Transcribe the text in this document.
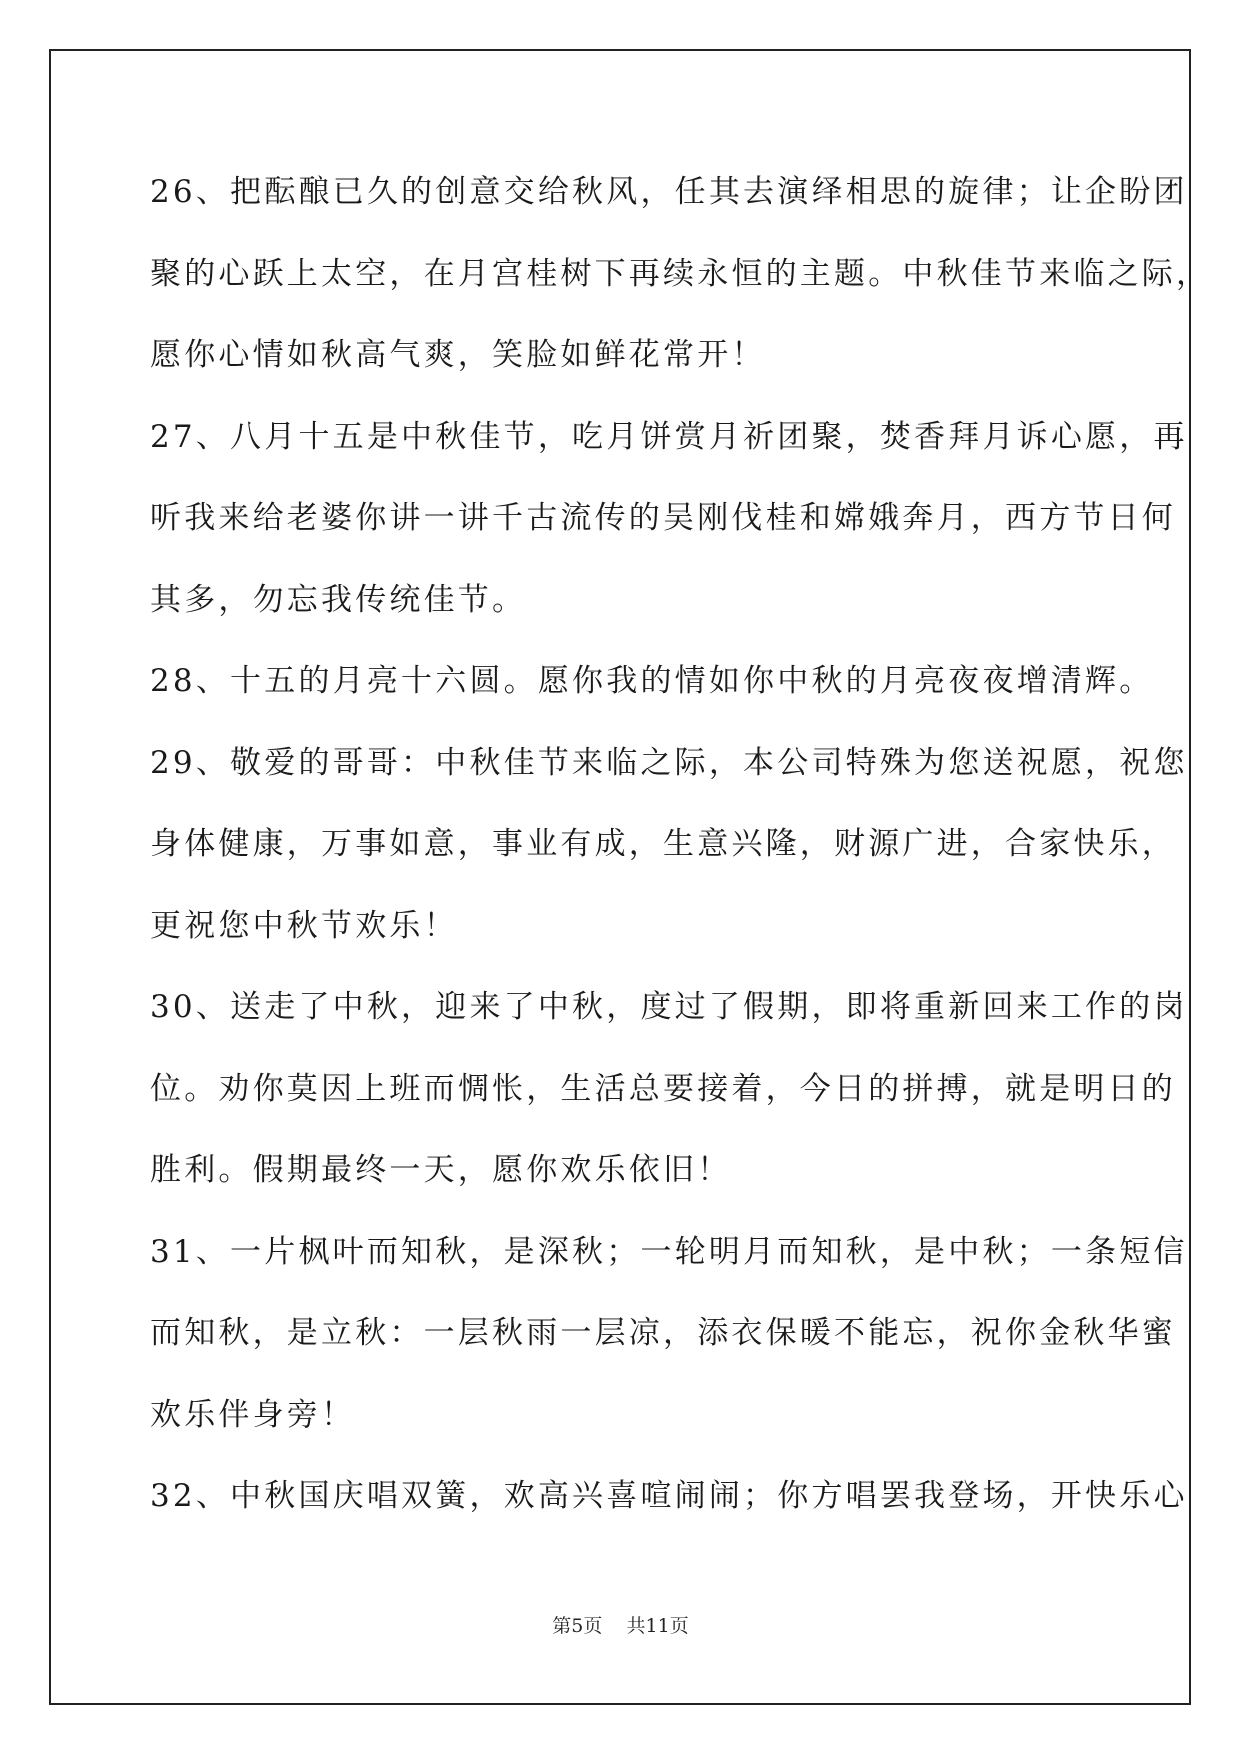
26、把酝酿已久的创意交给秋风，任其去演绎相思的旋律；让企盼团
聚的心跃上太空，在月宫桂树下再续永恒的主题。中秋佳节来临之际，
愿你心情如秋高气爽，笑脸如鲜花常开！

27、八月十五是中秋佳节，吃月饼赏月祈团聚，焚香拜月诉心愿，再
听我来给老婆你讲一讲千古流传的吴刚伐桂和嫦娥奔月，西方节日何
其多，勿忘我传统佳节。

28、十五的月亮十六圆。愿你我的情如你中秋的月亮夜夜增清辉。

29、敬爱的哥哥：中秋佳节来临之际，本公司特殊为您送祝愿，祝您
身体健康，万事如意，事业有成，生意兴隆，财源广进，合家快乐，
更祝您中秋节欢乐！

30、送走了中秋，迎来了中秋，度过了假期，即将重新回来工作的岗
位。劝你莫因上班而惆怅，生活总要接着，今日的拼搏，就是明日的
胜利。假期最终一天，愿你欢乐依旧！

31、一片枫叶而知秋，是深秋；一轮明月而知秋，是中秋；一条短信
而知秋，是立秋：一层秋雨一层凉，添衣保暖不能忘，祝你金秋华蜜
欢乐伴身旁！

32、中秋国庆唱双簧，欢高兴喜喧闹闹；你方唱罢我登场，开快乐心

第5页 共11页
